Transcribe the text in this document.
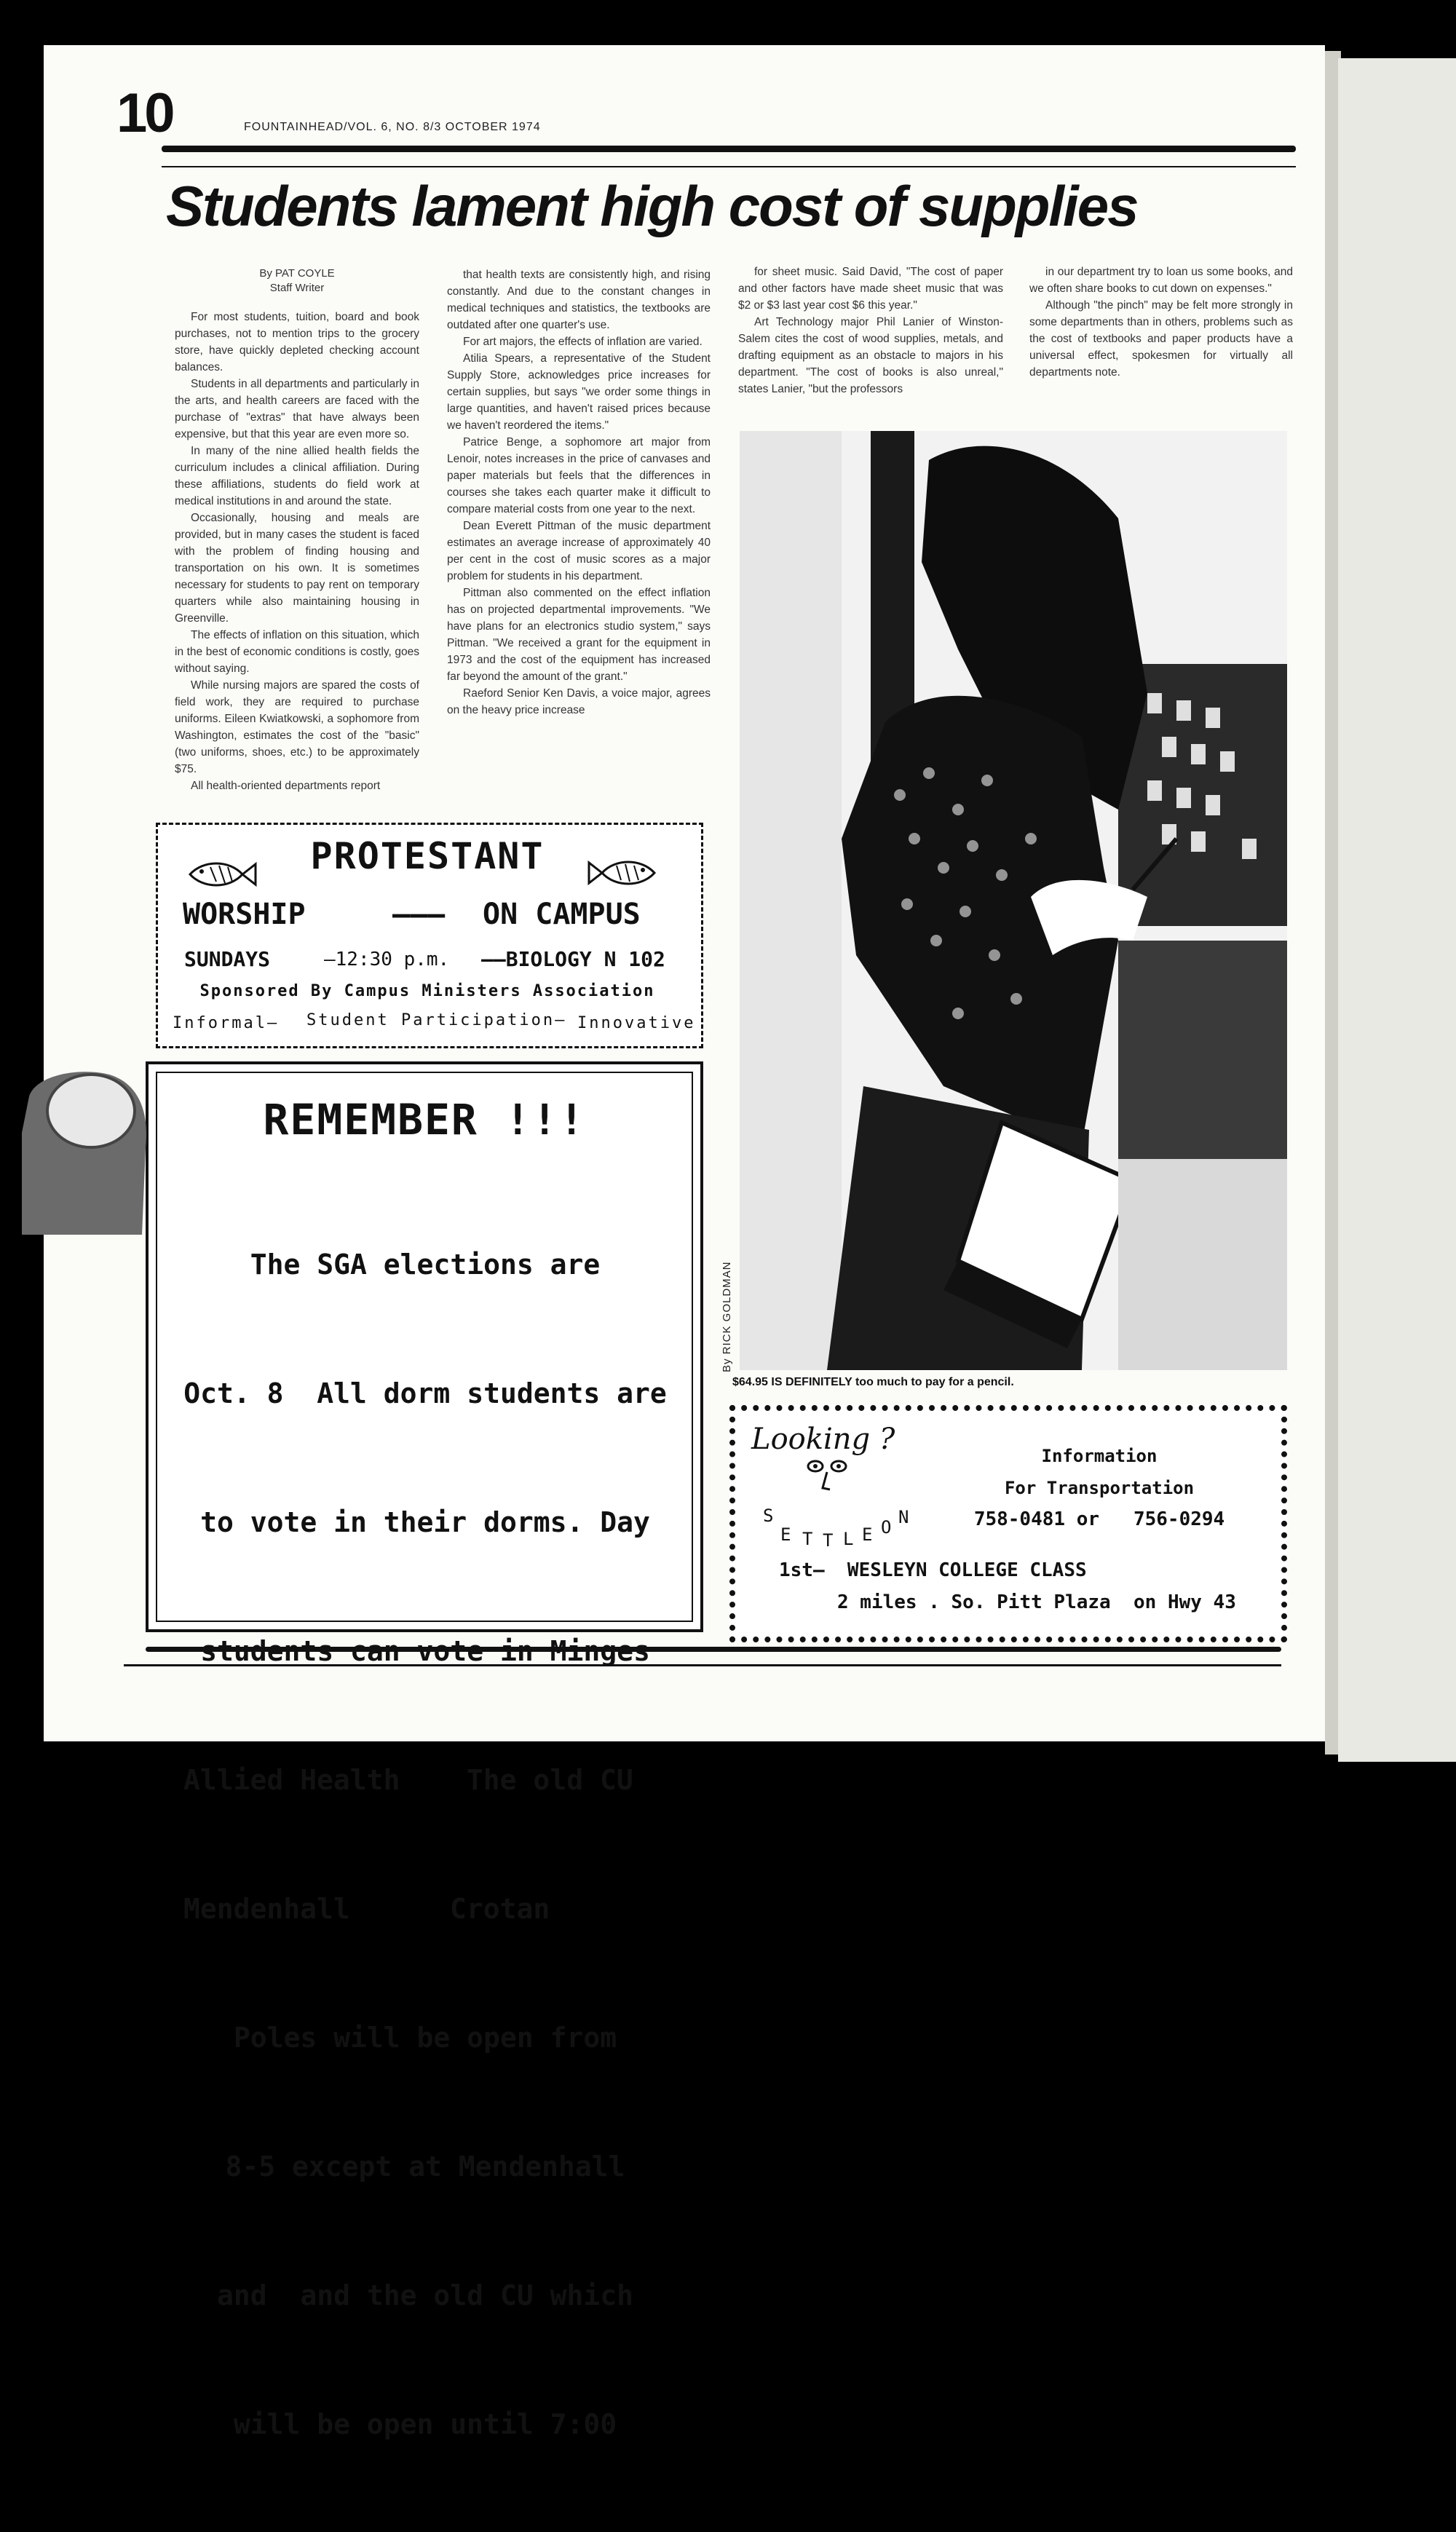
10	FOUNTAINHEAD/VOL. 6, NO. 8/3 OCTOBER 1974
Students lament high cost of supplies
By PAT COYLE
Staff Writer

For most students, tuition, board and book purchases, not to mention trips to the grocery store, have quickly depleted checking account balances.

Students in all departments and particularly in the arts, and health careers are faced with the purchase of "extras" that have always been expensive, but that this year are even more so.

In many of the nine allied health fields the curriculum includes a clinical affiliation. During these affiliations, students do field work at medical institutions in and around the state.

Occasionally, housing and meals are provided, but in many cases the student is faced with the problem of finding housing and transportation on his own. It is sometimes necessary for students to pay rent on temporary quarters while also maintaining housing in Greenville.

The effects of inflation on this situation, which in the best of economic conditions is costly, goes without saying.

While nursing majors are spared the costs of field work, they are required to purchase uniforms. Eileen Kwiatkowski, a sophomore from Washington, estimates the cost of the "basic" (two uniforms, shoes, etc.) to be approximately $75.

All health-oriented departments report

that health texts are consistently high, and rising constantly. And due to the constant changes in medical techniques and statistics, the textbooks are outdated after one quarter's use.

For art majors, the effects of inflation are varied.

Atilia Spears, a representative of the Student Supply Store, acknowledges price increases for certain supplies, but says "we order some things in large quantities, and haven't raised prices because we haven't reordered the items."

Patrice Benge, a sophomore art major from Lenoir, notes increases in the price of canvases and paper materials but feels that the differences in courses she takes each quarter make it difficult to compare material costs from one year to the next.

Dean Everett Pittman of the music department estimates an average increase of approximately 40 per cent in the cost of music scores as a major problem for students in his department.

Pittman also commented on the effect inflation has on projected departmental improvements. "We have plans for an electronics studio system," says Pittman. "We received a grant for the equipment in 1973 and the cost of the equipment has increased far beyond the amount of the grant."

Raeford Senior Ken Davis, a voice major, agrees on the heavy price increase

for sheet music. Said David, "The cost of paper and other factors have made sheet music that was $2 or $3 last year cost $6 this year."

Art Technology major Phil Lanier of Winston-Salem cites the cost of wood supplies, metals, and drafting equipment as an obstacle to majors in his department. "The cost of books is also unreal," states Lanier, "but the professors

in our department try to loan us some books, and we often share books to cut down on expenses."

Although "the pinch" may be felt more strongly in some departments than in others, problems such as the cost of textbooks and paper products have a universal effect, spokesmen for virtually all departments note.

By RICK GOLDMAN
$64.95 IS DEFINITELY too much to pay for a pencil.
PROTESTANT
WORSHIP	——— ON CAMPUS
SUNDAYS	—12:30 p.m. ——BIOLOGY N 102
Sponsored By Campus Ministers Association
Informal— Student Participation— Innovative
REMEMBER !!!

The SGA elections are

Oct. 8  All dorm students are

to vote in their dorms. Day

Allied Health    The old CU

Mendenhall      Crotan

Poles will be open from

8-5 except at Mendenhall

and  and the old CU which

will be open until 7:00

Looking ?
S
E T T L E O N
Information
For Transportation
758-0481 or   756-0294
1st—  WESLEYN COLLEGE CLASS
2 miles . So. Pitt Plaza  on Hwy 43
